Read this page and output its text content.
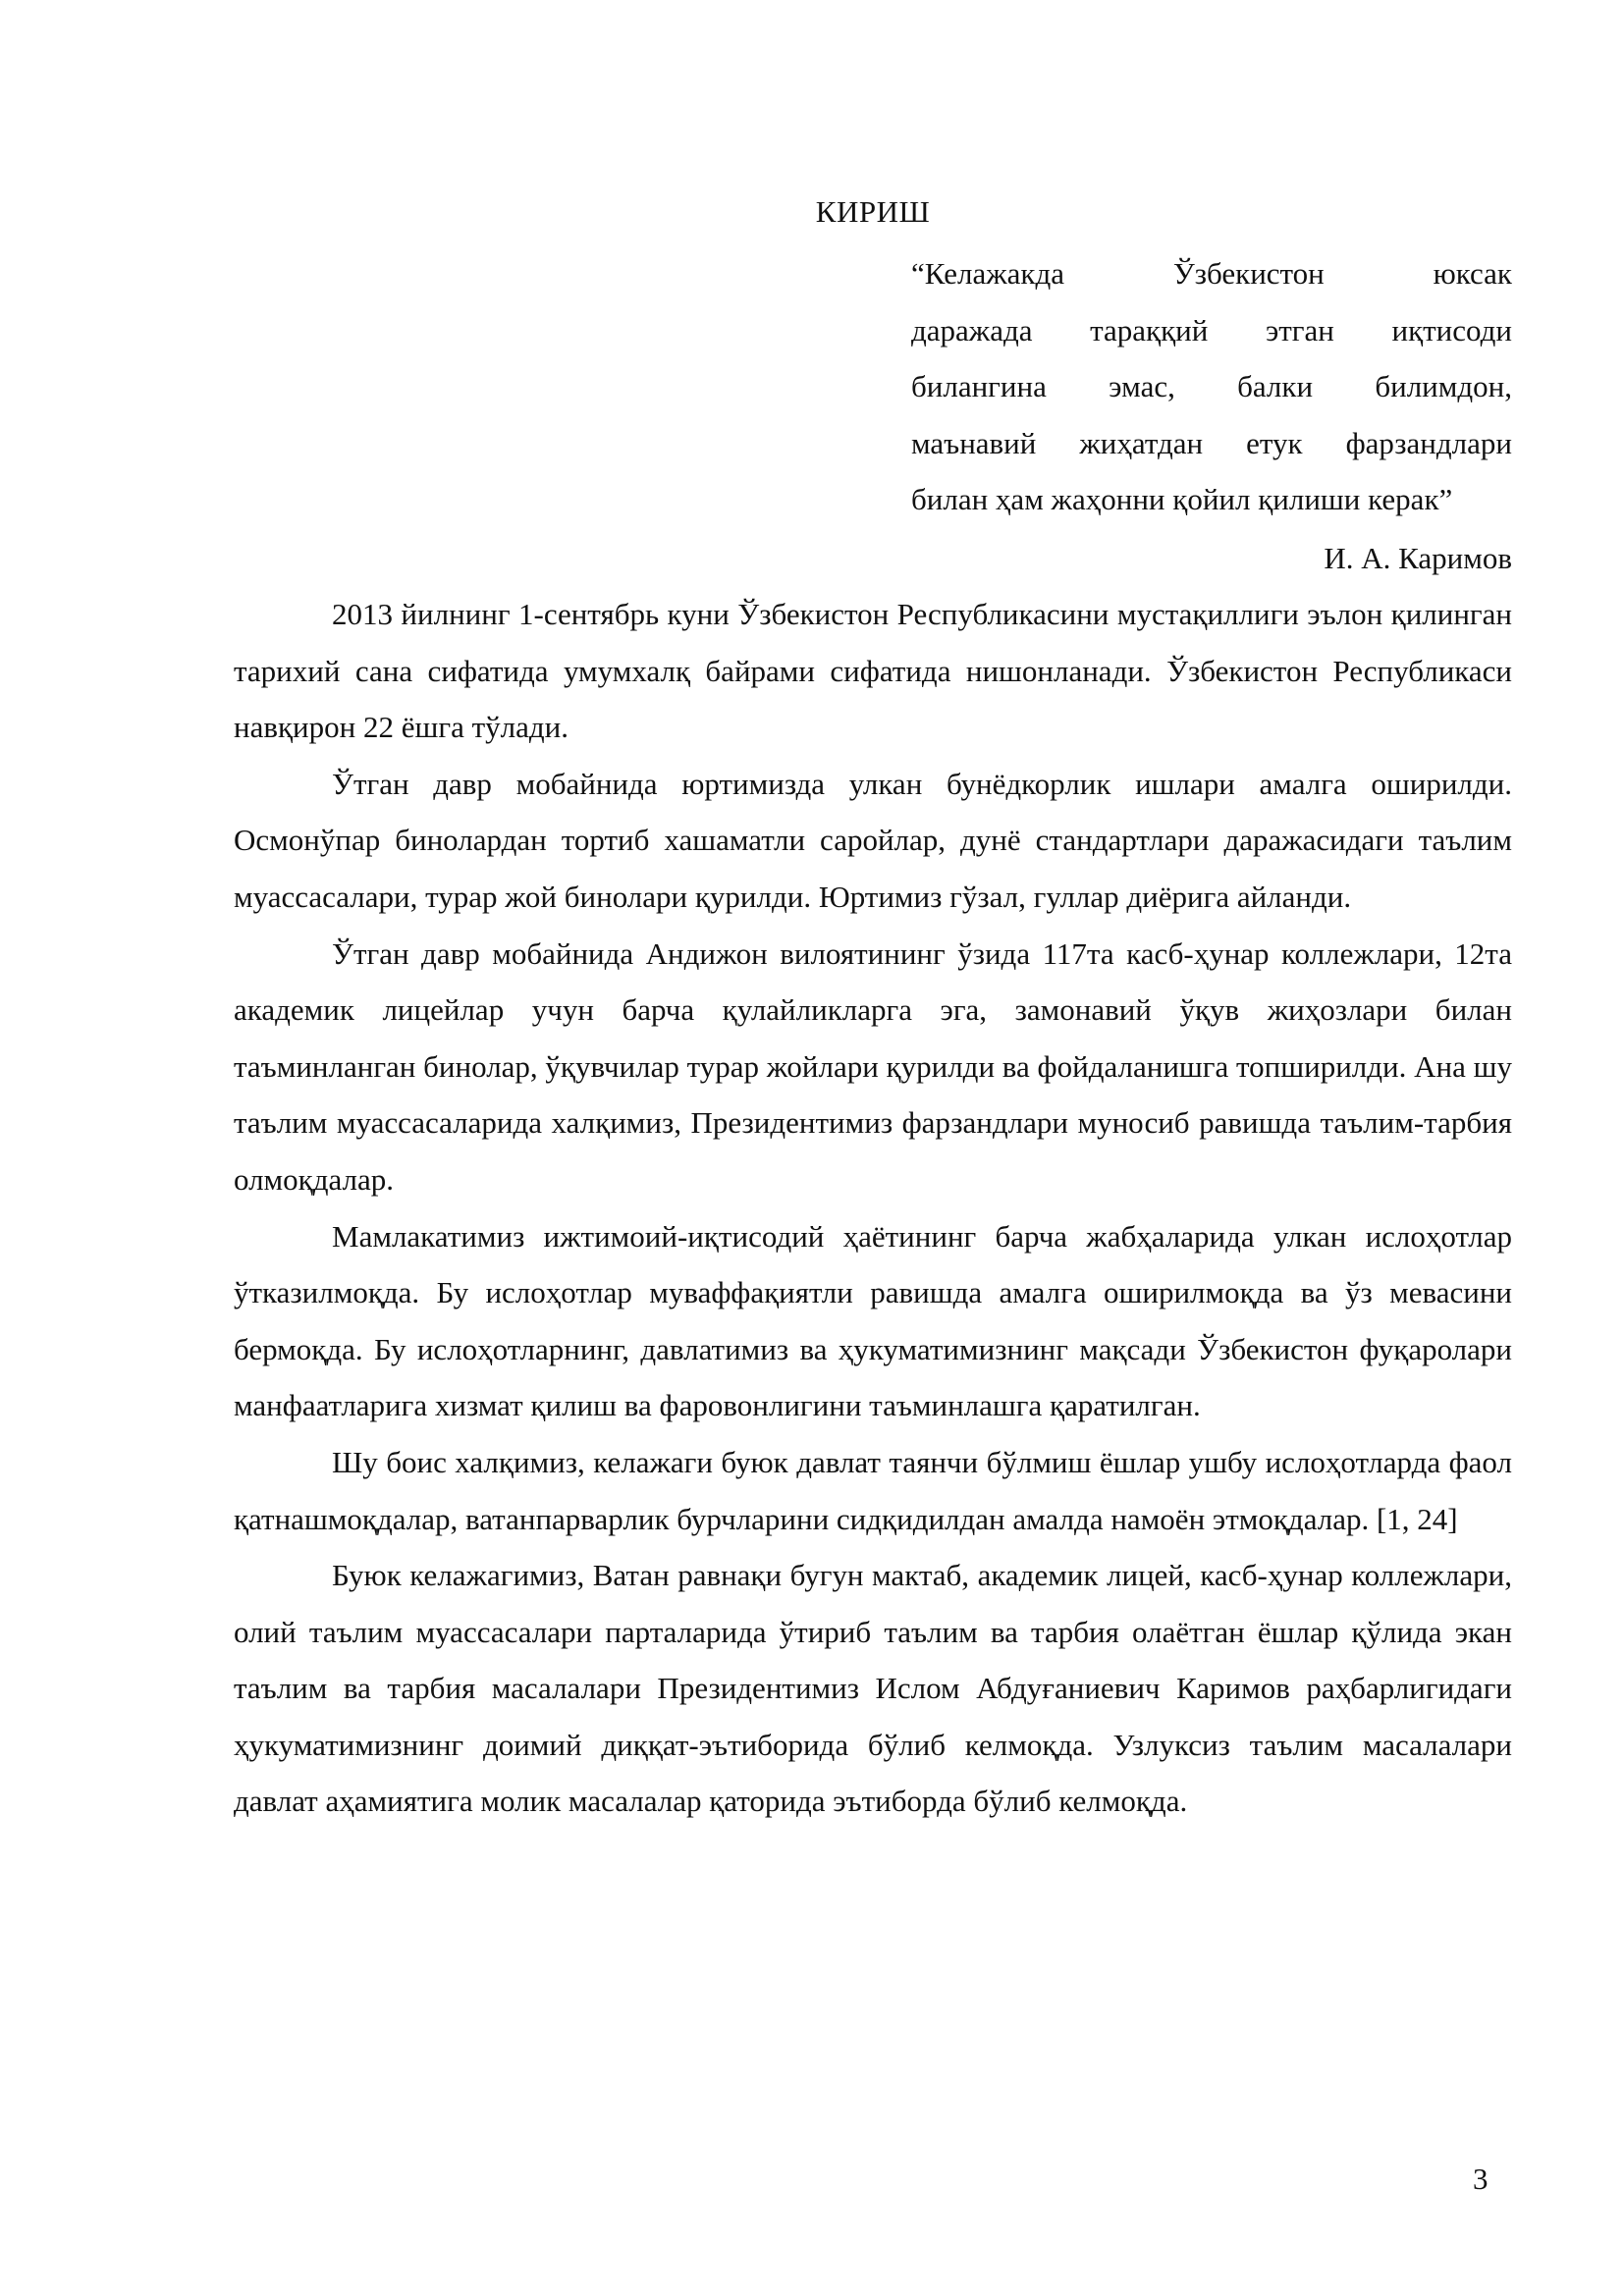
КИРИШ
“Келажакда Ўзбекистон юксак
даражада тараққий этган иқтисоди
билангина эмас, балки билимдон,
маънавий жиҳатдан етук фарзандлари
билан ҳам жаҳонни қойил қилиши керак”
И. А. Каримов

2013 йилнинг 1-сентябрь куни Ўзбекистон Республикасини мустақиллиги эълон қилинган тарихий сана сифатида умумхалқ байрами сифатида нишонланади. Ўзбекистон Республикаси навқирон 22 ёшга тўлади.

Ўтган давр мобайнида юртимизда улкан бунёдкорлик ишлари амалга оширилди. Осмонўпар бинолардан тортиб хашаматли саройлар, дунё стандартлари даражасидаги таълим муассасалари, турар жой бинолари қурилди. Юртимиз гўзал, гуллар диёрига айланди.

Ўтган давр мобайнида Андижон вилоятининг ўзида 117та касб-ҳунар коллежлари, 12та академик лицейлар учун барча қулайликларга эга, замонавий ўқув жиҳозлари билан таъминланган бинолар, ўқувчилар турар жойлари қурилди ва фойдаланишга топширилди. Ана шу таълим муассасаларида халқимиз, Президентимиз фарзандлари муносиб равишда таълим-тарбия олмоқдалар.

Мамлакатимиз ижтимоий-иқтисодий ҳаётининг барча жабҳаларида улкан ислоҳотлар ўтказилмоқда. Бу ислоҳотлар муваффақиятли равишда амалга оширилмоқда ва ўз мевасини бермоқда. Бу ислоҳотларнинг, давлатимиз ва ҳукуматимизнинг мақсади Ўзбекистон фуқаролари манфаатларига хизмат қилиш ва фаровонлигини таъминлашга қаратилган.

Шу боис халқимиз, келажаги буюк давлат таянчи бўлмиш ёшлар ушбу ислоҳотларда фаол қатнашмоқдалар, ватанпарварлик бурчларини сидқидилдан амалда намоён этмоқдалар. [1, 24]

Буюк келажагимиз, Ватан равнақи бугун мактаб, академик лицей, касб-ҳунар коллежлари, олий таълим муассасалари парталарида ўтириб таълим ва тарбия олаётган ёшлар қўлида экан таълим ва тарбия масалалари Президентимиз Ислом Абдуғаниевич Каримов раҳбарлигидаги ҳукуматимизнинг доимий диққат-эътиборида бўлиб келмоқда. Узлуксиз таълим масалалари давлат аҳамиятига молик масалалар қаторида эътиборда бўлиб келмоқда.

3
